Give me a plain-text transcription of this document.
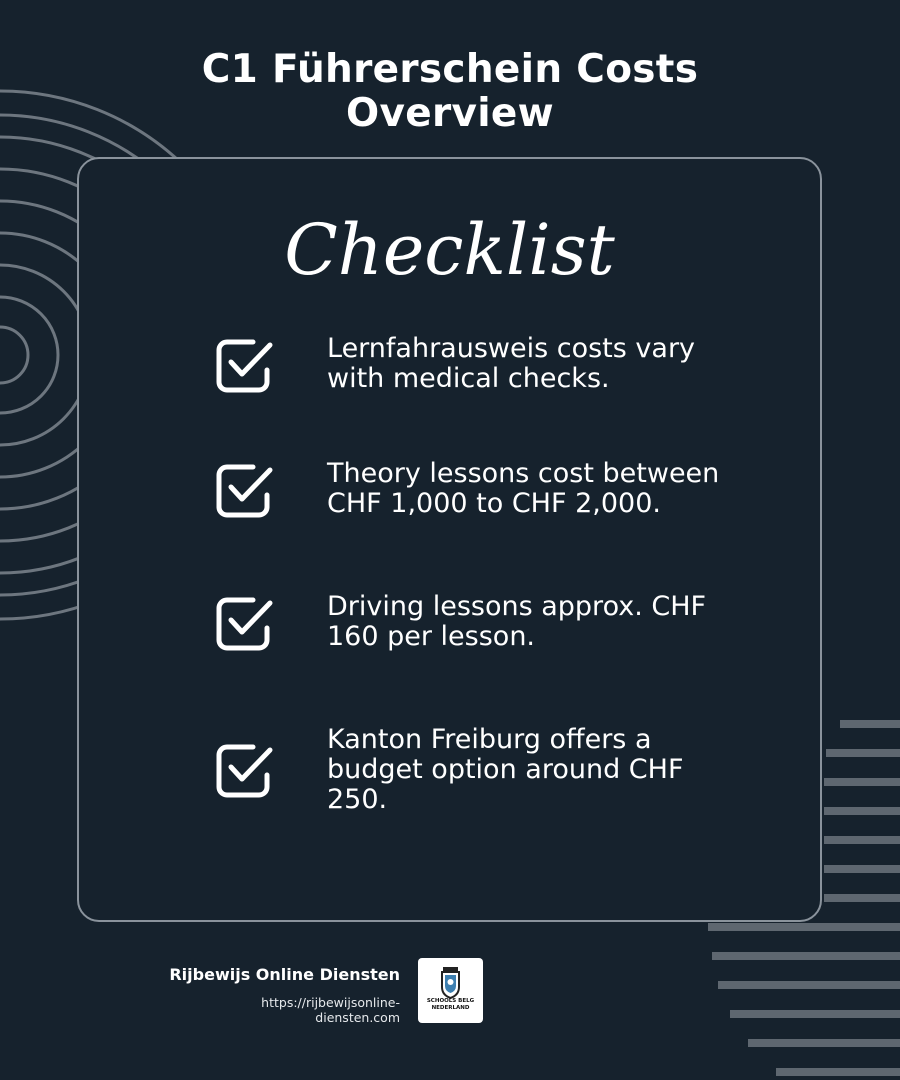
C1 Führerschein Costs
Overview
Checklist
Lernfahrausweis costs vary
with medical checks.
Theory lessons cost between
CHF 1,000 to CHF 2,000.
Driving lessons approx. CHF
160 per lesson.
Kanton Freiburg offers a
budget option around CHF
250.
Rijbewijs Online Diensten
https://rijbewijsonline-
diensten.com
SCHOOLS BELG
NEDERLAND
